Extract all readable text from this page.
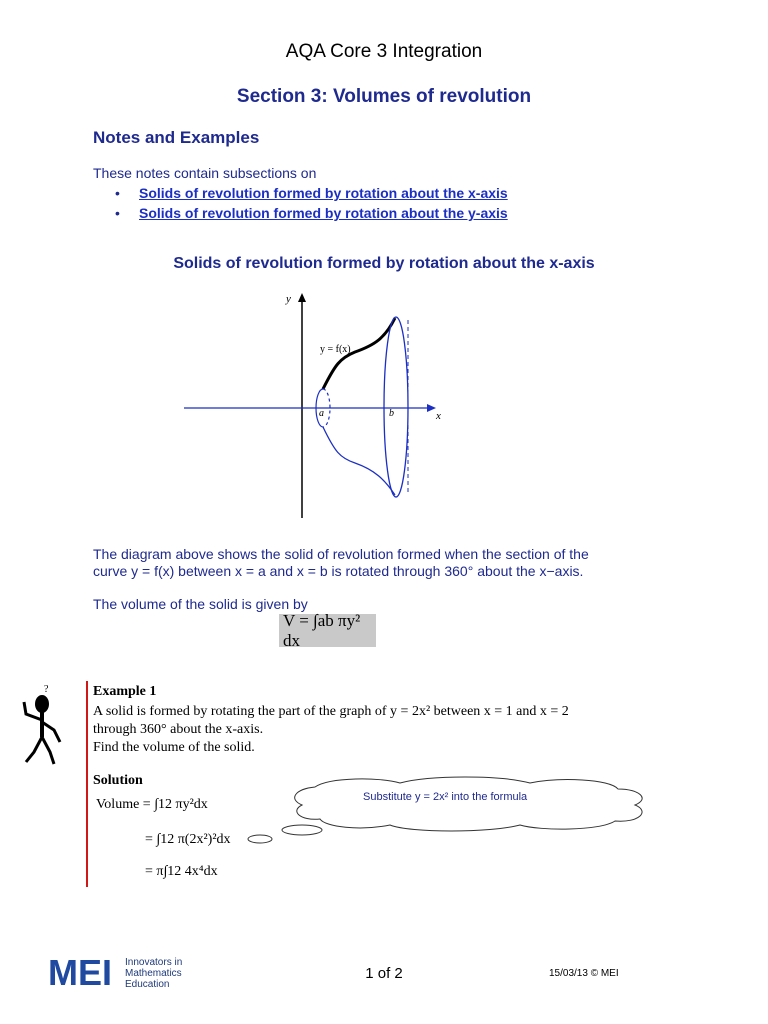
AQA Core 3 Integration
Section 3: Volumes of revolution
Notes and Examples
These notes contain subsections on
•	Solids of revolution formed by rotation about the x-axis
•	Solids of revolution formed by rotation about the y-axis
Solids of revolution formed by rotation about the x-axis
y
x
y = f(x)
a	b
The diagram above shows the solid of revolution formed when the section of the
curve y = f(x) between x = a and x = b is rotated through 360° about the x−axis.
The volume of the solid is given by
V = ∫ab πy² dx
?	Example 1
A solid is formed by rotating the part of the graph of y = 2x² between x = 1 and x = 2
through 360° about the x-axis.
Find the volume of the solid.
Solution
Volume = ∫12 πy²dx
= ∫12 π(2x²)²dx
= π∫12 4x⁴dx
Substitute y = 2x² into the formula
MEI Innovators in
Mathematics
Education
1 of 2	15/03/13 © MEI
